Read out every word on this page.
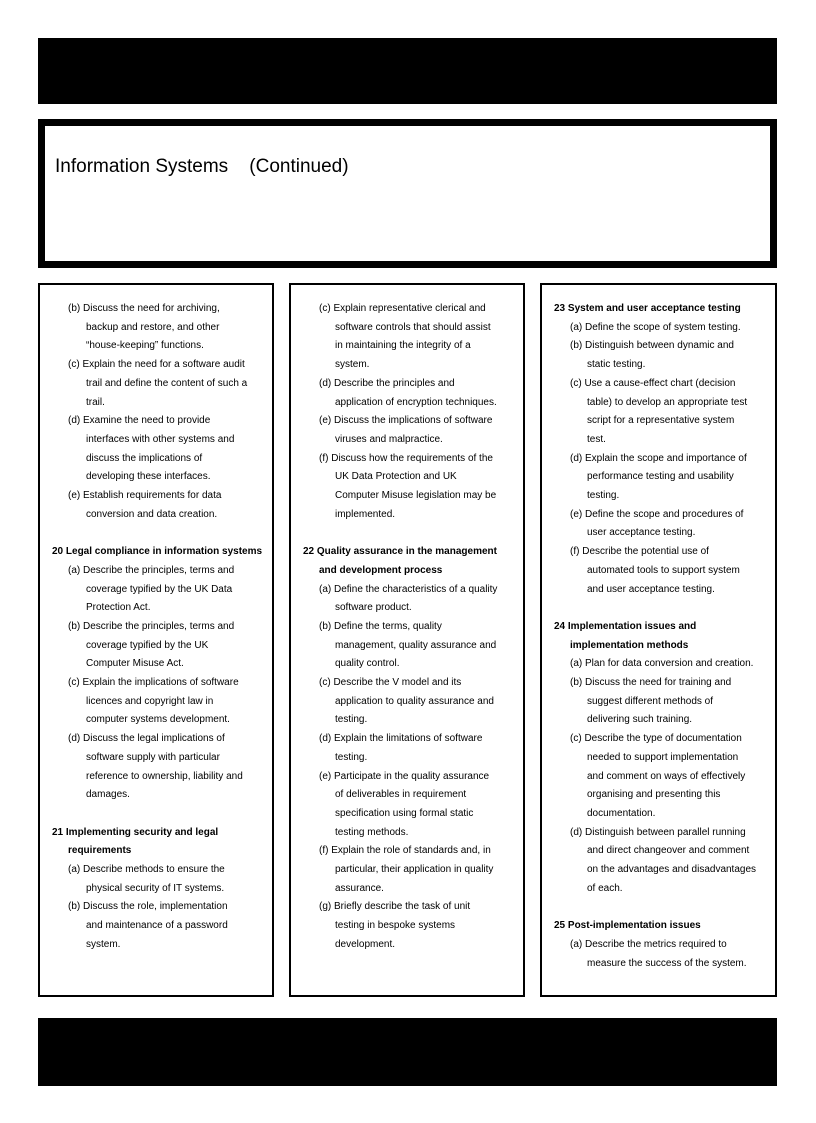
Information Systems    (Continued)
(b) Discuss the need for archiving,
backup and restore, and other
“house-keeping” functions.
(c) Explain the need for a software audit
trail and define the content of such a
trail.
(d) Examine the need to provide
interfaces with other systems and
discuss the implications of
developing these interfaces.
(e) Establish requirements for data
conversion and data creation.
20 Legal compliance in information systems
(a) Describe the principles, terms and
coverage typified by the UK Data
Protection Act.
(b) Describe the principles, terms and
coverage typified by the UK
Computer Misuse Act.
(c) Explain the implications of software
licences and copyright law in
computer systems development.
(d) Discuss the legal implications of
software supply with particular
reference to ownership, liability and
damages.
21 Implementing security and legal
requirements
(a) Describe methods to ensure the
physical security of IT systems.
(b) Discuss the role, implementation
and maintenance of a password
system.
(c) Explain representative clerical and
software controls that should assist
in maintaining the integrity of a
system.
(d) Describe the principles and
application of encryption techniques.
(e) Discuss the implications of software
viruses and malpractice.
(f) Discuss how the requirements of the
UK Data Protection and UK
Computer Misuse legislation may be
implemented.
22 Quality assurance in the management
and development process
(a) Define the characteristics of a quality
software product.
(b) Define the terms, quality
management, quality assurance and
quality control.
(c) Describe the V model and its
application to quality assurance and
testing.
(d) Explain the limitations of software
testing.
(e) Participate in the quality assurance
of deliverables in requirement
specification using formal static
testing methods.
(f) Explain the role of standards and, in
particular, their application in quality
assurance.
(g) Briefly describe the task of unit
testing in bespoke systems
development.
23 System and user acceptance testing
(a) Define the scope of system testing.
(b) Distinguish between dynamic and
static testing.
(c) Use a cause-effect chart (decision
table) to develop an appropriate test
script for a representative system
test.
(d) Explain the scope and importance of
performance testing and usability
testing.
(e) Define the scope and procedures of
user acceptance testing.
(f) Describe the potential use of
automated tools to support system
and user acceptance testing.
24 Implementation issues and
implementation methods
(a) Plan for data conversion and creation.
(b) Discuss the need for training and
suggest different methods of
delivering such training.
(c) Describe the type of documentation
needed to support implementation
and comment on ways of effectively
organising and presenting this
documentation.
(d) Distinguish between parallel running
and direct changeover and comment
on the advantages and disadvantages
of each.
25 Post-implementation issues
(a) Describe the metrics required to
measure the success of the system.
